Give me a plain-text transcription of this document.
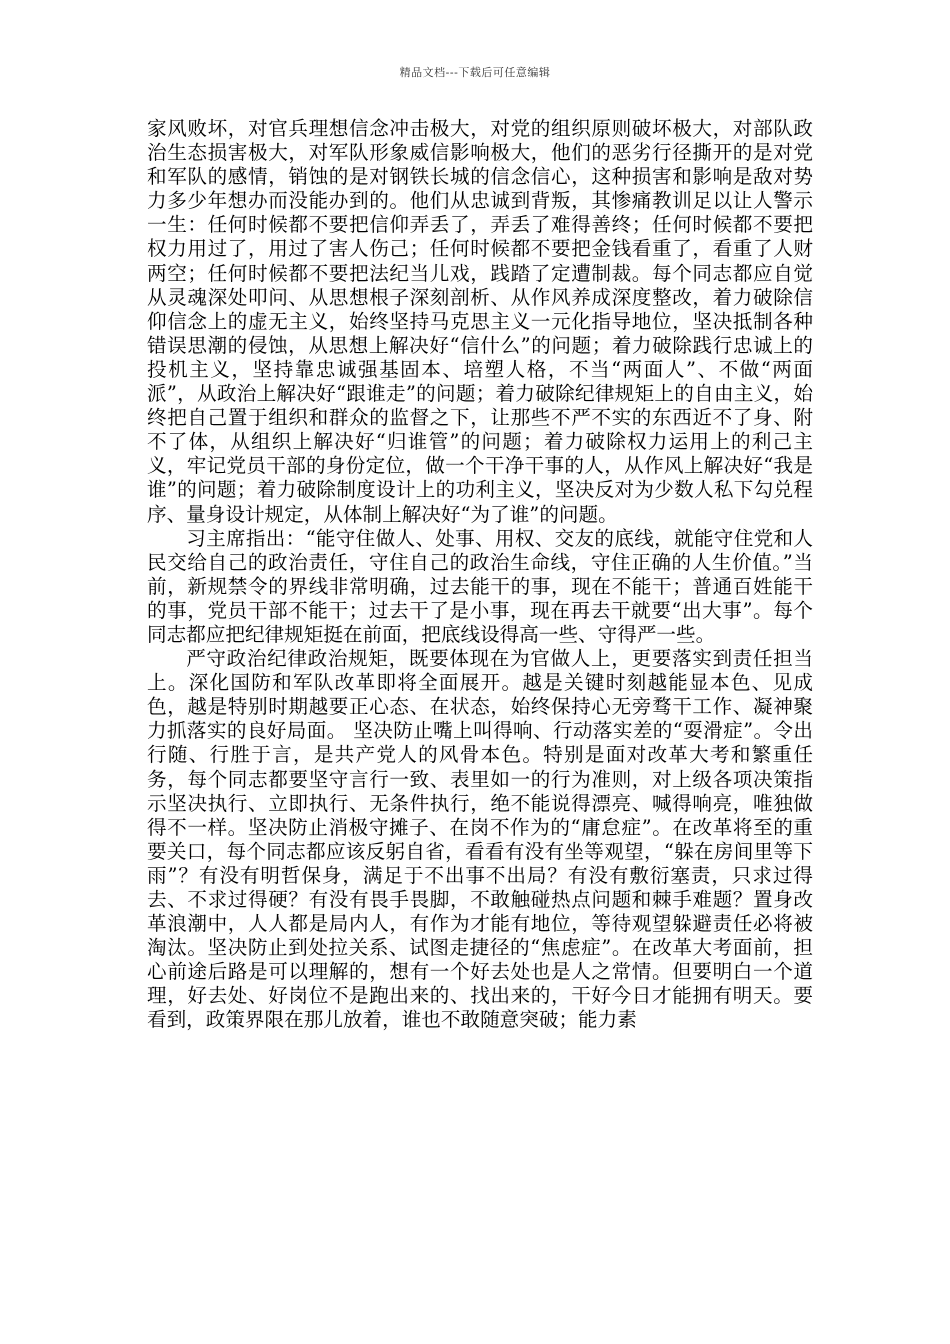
精品文档---下载后可任意编辑

家风败坏，对官兵理想信念冲击极大，对党的组织原则破坏极大，对部队政治生态损害极大，对军队形象威信影响极大，他们的恶劣行径撕开的是对党和军队的感情，销蚀的是对钢铁长城的信念信心，这种损害和影响是敌对势力多少年想办而没能办到的。他们从忠诚到背叛，其惨痛教训足以让人警示一生：任何时候都不要把信仰弄丢了，弄丢了难得善终；任何时候都不要把权力用过了，用过了害人伤己；任何时候都不要把金钱看重了，看重了人财两空；任何时候都不要把法纪当儿戏，践踏了定遭制裁。每个同志都应自觉从灵魂深处叩问、从思想根子深刻剖析、从作风养成深度整改，着力破除信仰信念上的虚无主义，始终坚持马克思主义一元化指导地位，坚决抵制各种错误思潮的侵蚀，从思想上解决好“信什么”的问题；着力破除践行忠诚上的投机主义，坚持靠忠诚强基固本、培塑人格，不当“两面人”、不做“两面派”，从政治上解决好“跟谁走”的问题；着力破除纪律规矩上的自由主义，始终把自己置于组织和群众的监督之下，让那些不严不实的东西近不了身、附不了体，从组织上解决好“归谁管”的问题；着力破除权力运用上的利己主义，牢记党员干部的身份定位，做一个干净干事的人，从作风上解决好“我是谁”的问题；着力破除制度设计上的功利主义，坚决反对为少数人私下勾兑程序、量身设计规定，从体制上解决好“为了谁”的问题。

习主席指出：“能守住做人、处事、用权、交友的底线，就能守住党和人民交给自己的政治责任，守住自己的政治生命线，守住正确的人生价值。”当前，新规禁令的界线非常明确，过去能干的事，现在不能干；普通百姓能干的事，党员干部不能干；过去干了是小事，现在再去干就要“出大事”。每个同志都应把纪律规矩挺在前面，把底线设得高一些、守得严一些。

严守政治纪律政治规矩，既要体现在为官做人上，更要落实到责任担当上。深化国防和军队改革即将全面展开。越是关键时刻越能显本色、见成色，越是特别时期越要正心态、在状态，始终保持心无旁骛干工作、凝神聚力抓落实的良好局面。 坚决防止嘴上叫得响、行动落实差的“耍滑症”。令出行随、行胜于言，是共产党人的风骨本色。特别是面对改革大考和繁重任务，每个同志都要坚守言行一致、表里如一的行为准则，对上级各项决策指示坚决执行、立即执行、无条件执行，绝不能说得漂亮、喊得响亮，唯独做得不一样。坚决防止消极守摊子、在岗不作为的“庸怠症”。在改革将至的重要关口，每个同志都应该反躬自省，看看有没有坐等观望，“躲在房间里等下雨”？有没有明哲保身，满足于不出事不出局？有没有敷衍塞责，只求过得去、不求过得硬？有没有畏手畏脚，不敢触碰热点问题和棘手难题？置身改革浪潮中，人人都是局内人，有作为才能有地位，等待观望躲避责任必将被淘汰。坚决防止到处拉关系、试图走捷径的“焦虑症”。在改革大考面前，担心前途后路是可以理解的，想有一个好去处也是人之常情。但要明白一个道理，好去处、好岗位不是跑出来的、找出来的，干好今日才能拥有明天。要看到，政策界限在那儿放着，谁也不敢随意突破；能力素
